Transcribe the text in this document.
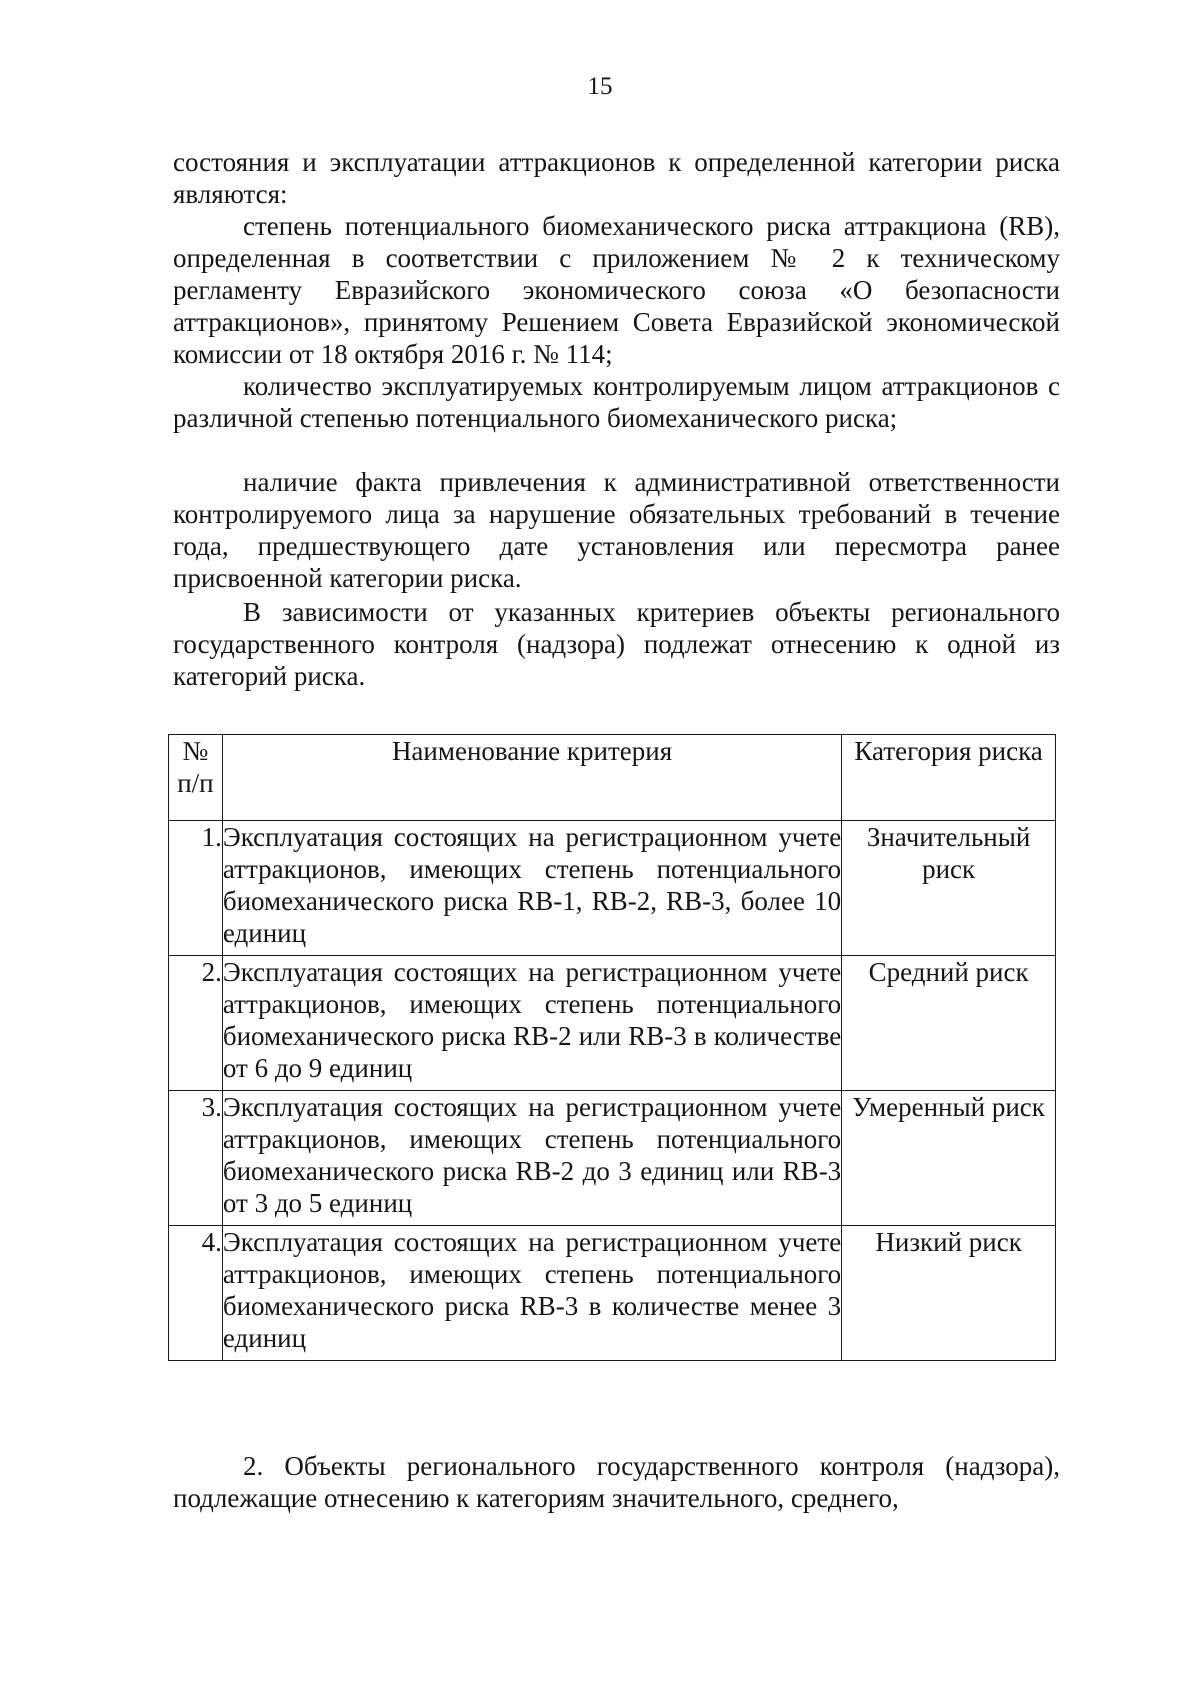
15

состояния и эксплуатации аттракционов к определенной категории риска являются:

степень потенциального биомеханического риска аттракциона (RB), определенная в соответствии с приложением № 2 к техническому регламенту Евразийского экономического союза «О безопасности аттракционов», принятому Решением Совета Евразийской экономической комиссии от 18 октября 2016 г. № 114;

количество эксплуатируемых контролируемым лицом аттракционов с различной степенью потенциального биомеханического риска;

наличие факта привлечения к административной ответственности контролируемого лица за нарушение обязательных требований в течение года, предшествующего дате установления или пересмотра ранее присвоенной категории риска.

В зависимости от указанных критериев объекты регионального государственного контроля (надзора) подлежат отнесению к одной из категорий риска.

№ п/п	Наименование критерия	Категория риска
1.	Эксплуатация состоящих на регистрационном учете аттракционов, имеющих степень потенциального биомеханического риска RB-1, RB-2, RB-3, более 10 единиц	Значительный риск
2.	Эксплуатация состоящих на регистрационном учете аттракционов, имеющих степень потенциального биомеханического риска RB-2 или RB-3 в количестве от 6 до 9 единиц	Средний риск
3.	Эксплуатация состоящих на регистрационном учете аттракционов, имеющих степень потенциального биомеханического риска RB-2 до 3 единиц или RB-3 от 3 до 5 единиц	Умеренный риск
4.	Эксплуатация состоящих на регистрационном учете аттракционов, имеющих степень потенциального биомеханического риска RB-3 в количестве менее 3 единиц	Низкий риск

2. Объекты регионального государственного контроля (надзора), подлежащие отнесению к категориям значительного, среднего,
